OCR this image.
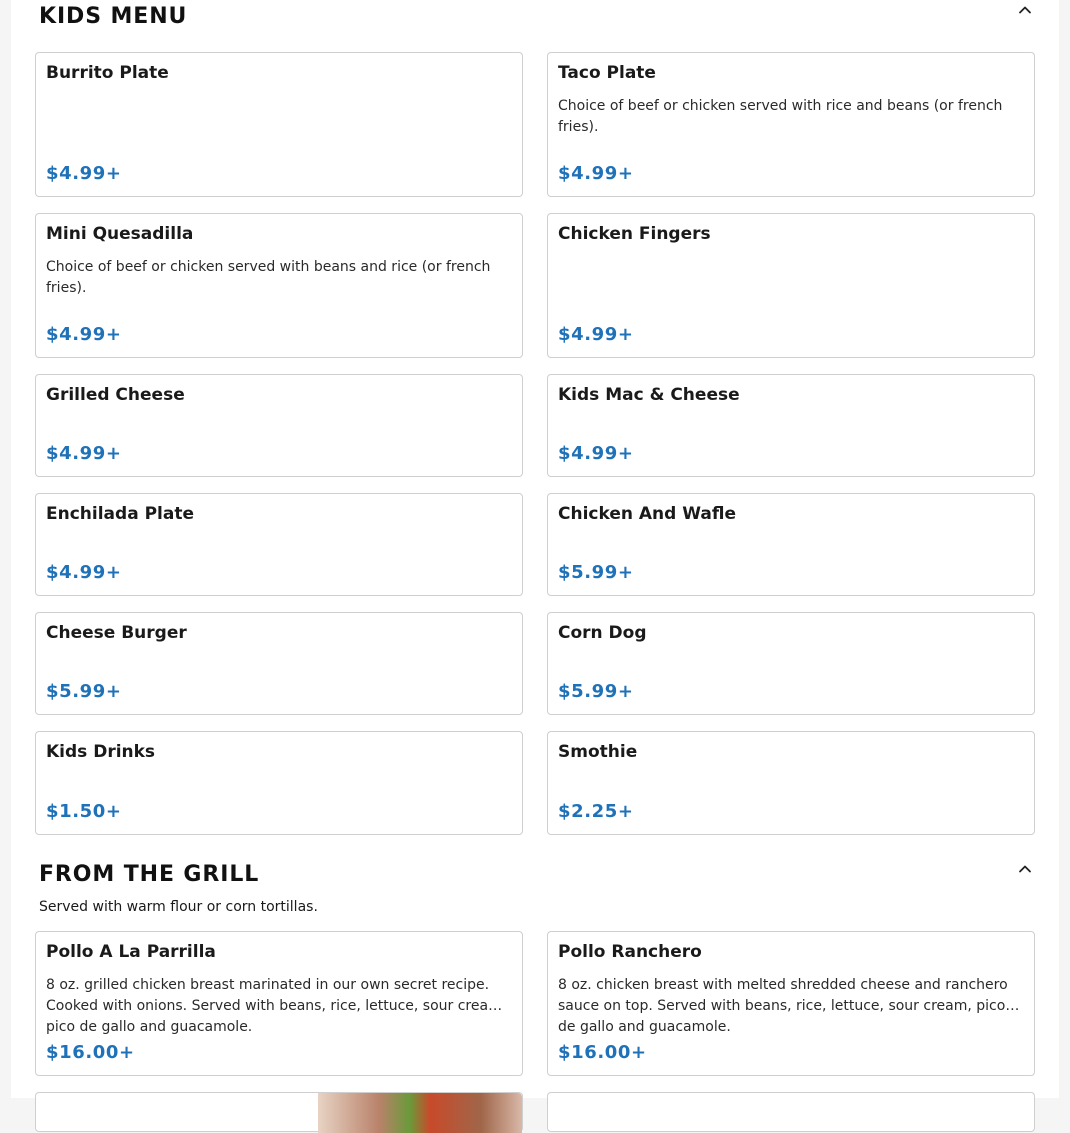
KIDS MENU
Burrito Plate
$4.99+
Taco Plate
Choice of beef or chicken served with rice and beans (or french fries).
$4.99+
Mini Quesadilla
Choice of beef or chicken served with beans and rice (or french fries).
$4.99+
Chicken Fingers
$4.99+
Grilled Cheese
$4.99+
Kids Mac & Cheese
$4.99+
Enchilada Plate
$4.99+
Chicken And Wafle
$5.99+
Cheese Burger
$5.99+
Corn Dog
$5.99+
Kids Drinks
$1.50+
Smothie
$2.25+
FROM THE GRILL

Served with warm flour or corn tortillas.

Pollo A La Parrilla
8 oz. grilled chicken breast marinated in our own secret recipe. Cooked with onions. Served with beans, rice, lettuce, sour cream, pico de gallo and guacamole.
$16.00+
Pollo Ranchero
8 oz. chicken breast with melted shredded cheese and ranchero sauce on top. Served with beans, rice, lettuce, sour cream, pico de gallo and guacamole.
$16.00+
